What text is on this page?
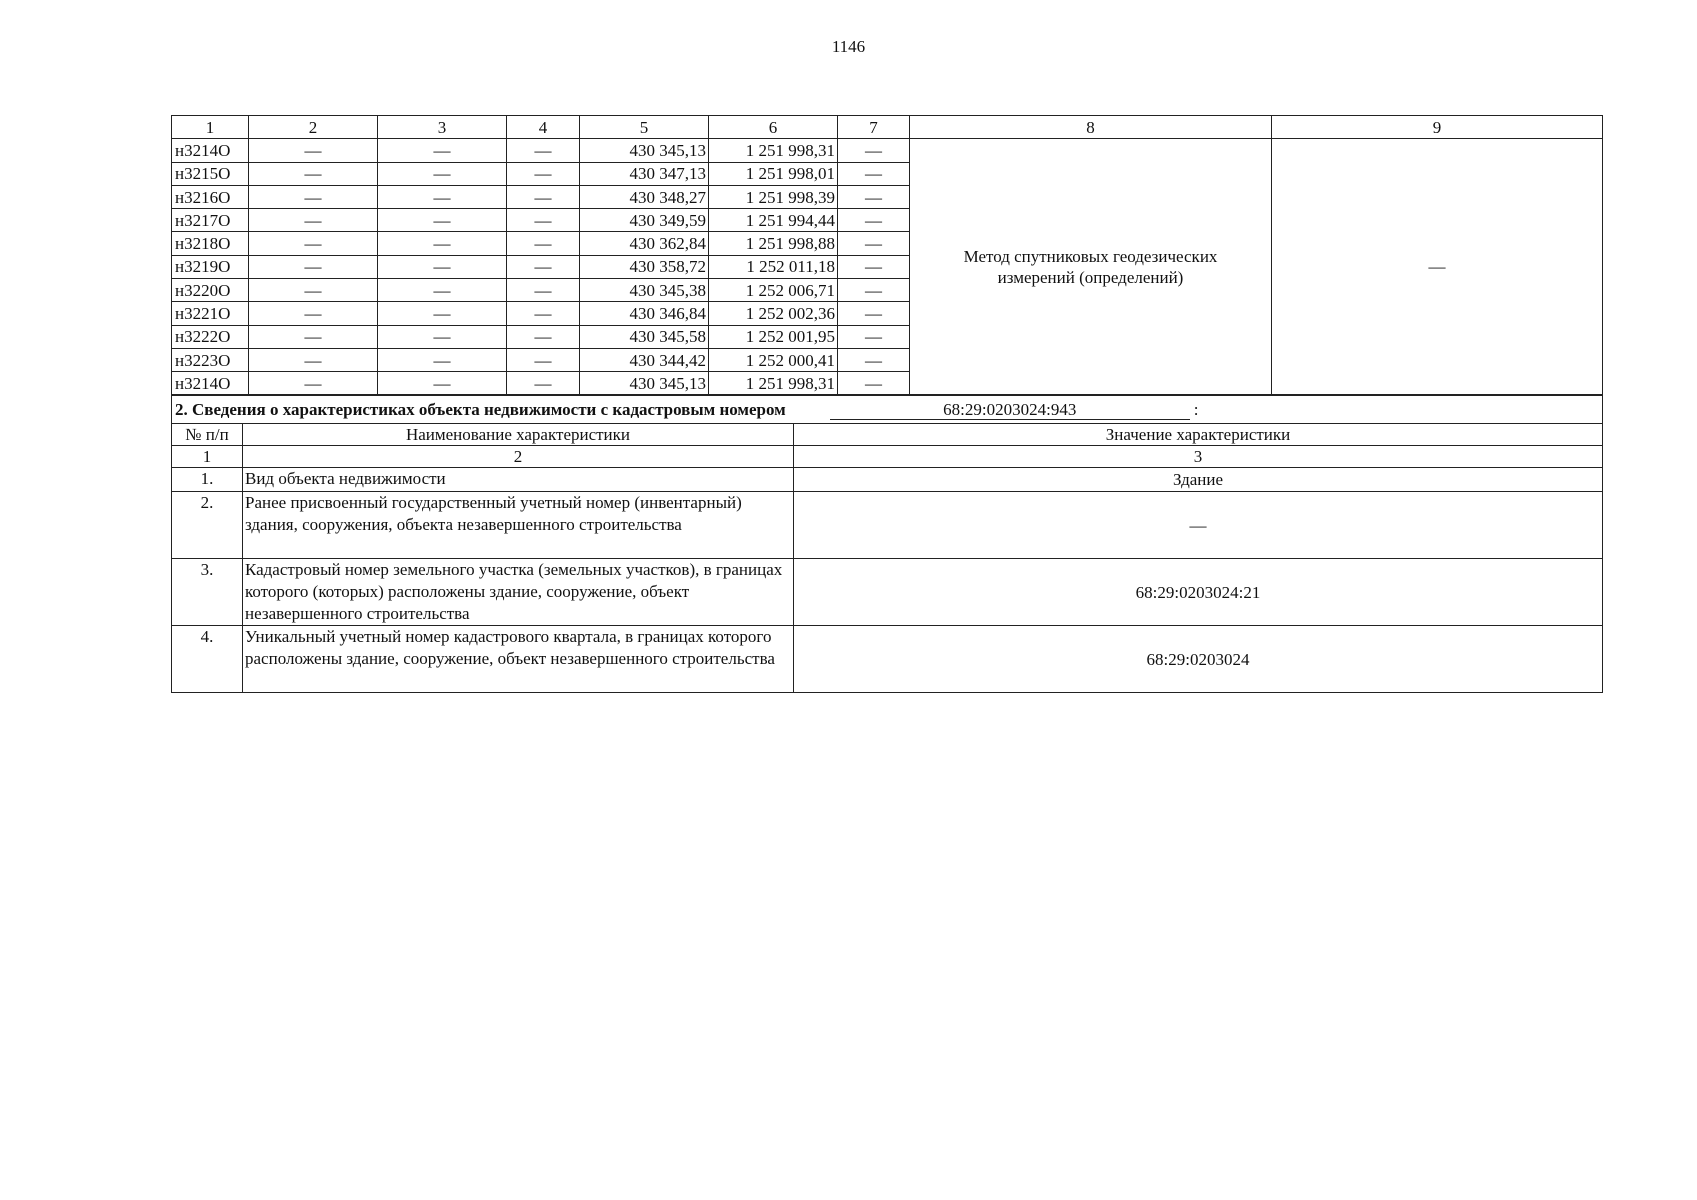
1146
1	2	3	4	5	6	7	8	9
н3214О	—	—	—	430 345,13	1 251 998,31	—	Метод спутниковых геодезических измерений (определений)	—
н3215О	—	—	—	430 347,13	1 251 998,01	—		
н3216О	—	—	—	430 348,27	1 251 998,39	—		
н3217О	—	—	—	430 349,59	1 251 994,44	—		
н3218О	—	—	—	430 362,84	1 251 998,88	—		
н3219О	—	—	—	430 358,72	1 252 011,18	—		
н3220О	—	—	—	430 345,38	1 252 006,71	—		
н3221О	—	—	—	430 346,84	1 252 002,36	—		
н3222О	—	—	—	430 345,58	1 252 001,95	—		
н3223О	—	—	—	430 344,42	1 252 000,41	—		
н3214О	—	—	—	430 345,13	1 251 998,31	—		
2. Сведения о характеристиках объекта недвижимости с кадастровым номером 68:29:0203024:943 :		
№ п/п	Наименование характеристики	Значение характеристики
1	2	3
1.	Вид объекта недвижимости	Здание
2.	Ранее присвоенный государственный учетный номер (инвентарный) здания, сооружения, объекта незавершенного строительства	—
3.	Кадастровый номер земельного участка (земельных участков), в границах которого (которых) расположены здание, сооружение, объект незавершенного строительства	68:29:0203024:21
4.	Уникальный учетный номер кадастрового квартала, в границах которого расположены здание, сооружение, объект незавершенного строительства	68:29:0203024
